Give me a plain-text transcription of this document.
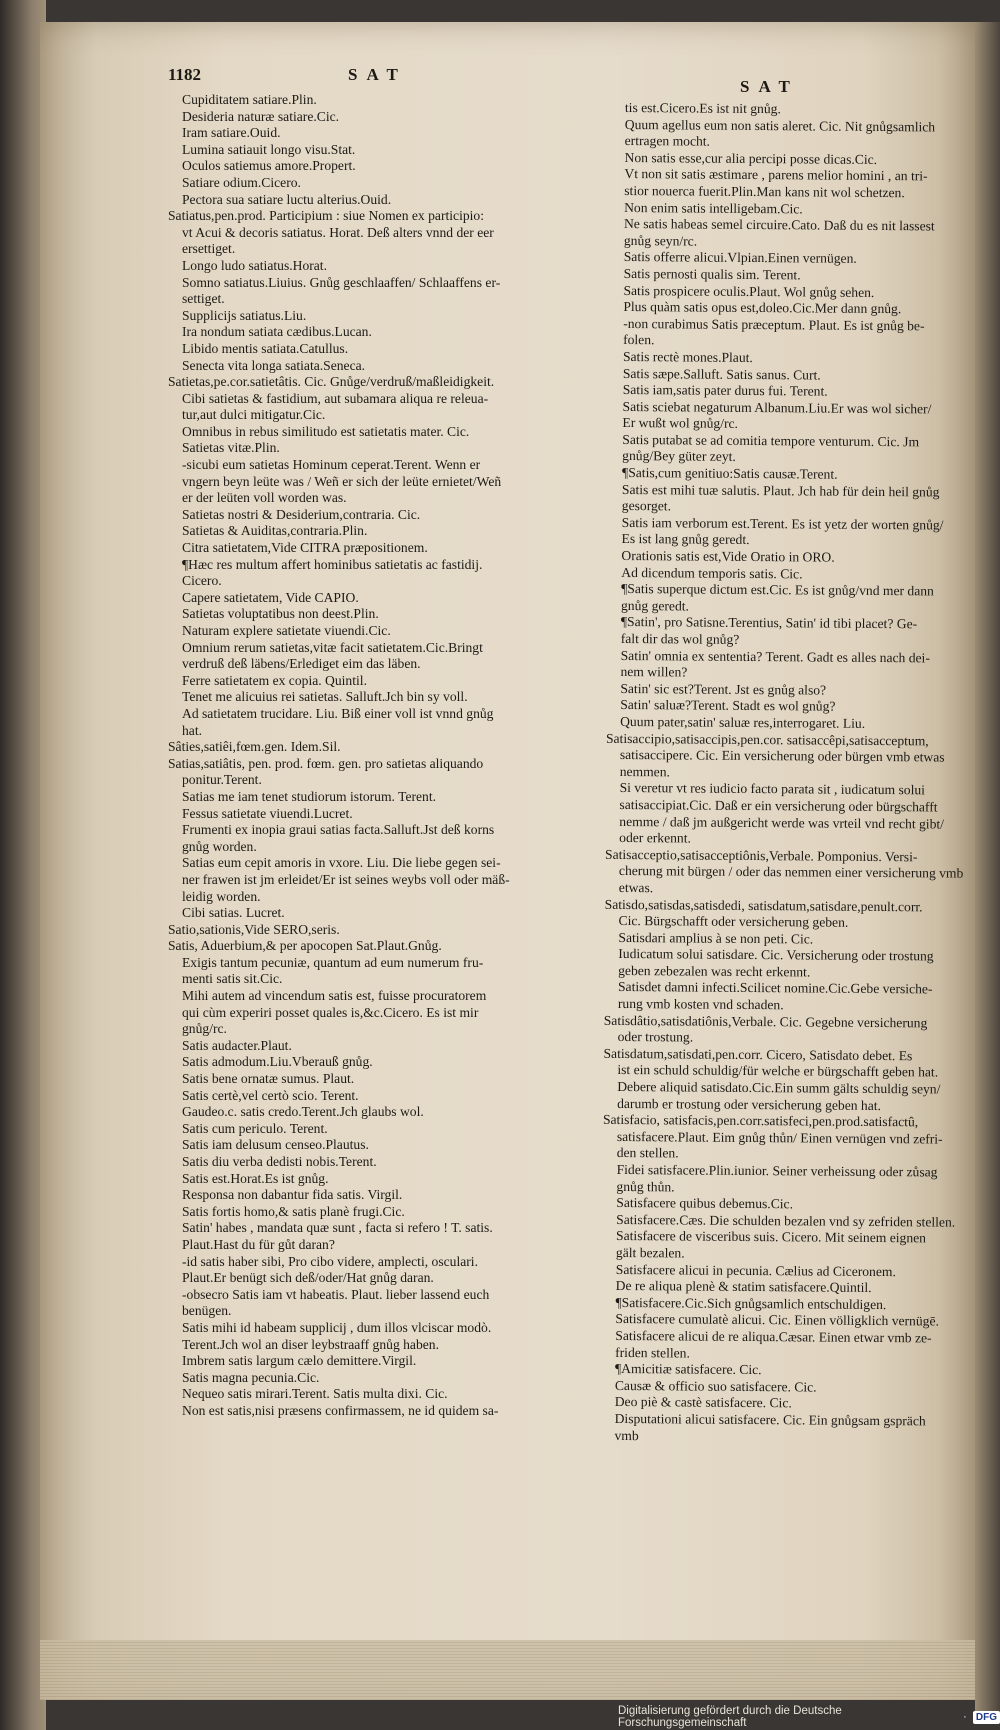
1182	SAT
SAT
Cupiditatem satiare.Plin.
Desideria naturæ satiare.Cic.
Iram satiare.Ouid.
Lumina satiauit longo visu.Stat.
Oculos satiemus amore.Propert.
Satiare odium.Cicero.
Pectora sua satiare luctu alterius.Ouid.
Satiatus,pen.prod. Participium : siue Nomen ex participio:
vt Acui & decoris satiatus. Horat. Deß alters vnnd der eer
ersettiget.
Longo ludo satiatus.Horat.
Somno satiatus.Liuius. Gnůg geschlaaffen/ Schlaaffens er-
settiget.
Supplicijs satiatus.Liu.
Ira nondum satiata cædibus.Lucan.
Libido mentis satiata.Catullus.
Senecta vita longa satiata.Seneca.
Satietas,pe.cor.satietâtis. Cic. Gnůge/verdruß/maßleidigkeit.
Cibi satietas & fastidium, aut subamara aliqua re releua-
tur,aut dulci mitigatur.Cic.
Omnibus in rebus similitudo est satietatis mater. Cic.
Satietas vitæ.Plin.
-sicubi eum satietas Hominum ceperat.Terent. Wenn er
vngern beyn leüte was / Weñ er sich der leüte ernietet/Weñ
er der leüten voll worden was.
Satietas nostri & Desiderium,contraria. Cic.
Satietas & Auiditas,contraria.Plin.
Citra satietatem,Vide CITRA præpositionem.
¶Hæc res multum affert hominibus satietatis ac fastidij.
Cicero.
Capere satietatem, Vide CAPIO.
Satietas voluptatibus non deest.Plin.
Naturam explere satietate viuendi.Cic.
Omnium rerum satietas,vitæ facit satietatem.Cic.Bringt
verdruß deß läbens/Erlediget eim das läben.
Ferre satietatem ex copia. Quintil.
Tenet me alicuius rei satietas. Salluft.Jch bin sy voll.
Ad satietatem trucidare. Liu. Biß einer voll ist vnnd gnůg
hat.
Sâties,satiêi,fœm.gen. Idem.Sil.
Satias,satiâtis, pen. prod. fœm. gen. pro satietas aliquando
ponitur.Terent.
Satias me iam tenet studiorum istorum. Terent.
Fessus satietate viuendi.Lucret.
Frumenti ex inopia graui satias facta.Salluft.Jst deß korns
gnůg worden.
Satias eum cepit amoris in vxore. Liu. Die liebe gegen sei-
ner frawen ist jm erleidet/Er ist seines weybs voll oder mäß-
leidig worden.
Cibi satias. Lucret.
Satio,sationis,Vide SERO,seris.
Satis, Aduerbium,& per apocopen Sat.Plaut.Gnůg.
Exigis tantum pecuniæ, quantum ad eum numerum fru-
menti satis sit.Cic.
Mihi autem ad vincendum satis est, fuisse procuratorem
qui cùm experiri posset quales is,&c.Cicero. Es ist mir
gnůg/rc.
Satis audacter.Plaut.
Satis admodum.Liu.Vberauß gnůg.
Satis bene ornatæ sumus. Plaut.
Satis certè,vel certò scio. Terent.
Gaudeo.c. satis credo.Terent.Jch glaubs wol.
Satis cum periculo. Terent.
Satis iam delusum censeo.Plautus.
Satis diu verba dedisti nobis.Terent.
Satis est.Horat.Es ist gnůg.
Responsa non dabantur fida satis. Virgil.
Satis fortis homo,& satis planè frugi.Cic.
Satin' habes , mandata quæ sunt , facta si refero ! T. satis.
Plaut.Hast du für gůt daran?
-id satis haber sibi, Pro cibo videre, amplecti, osculari.
Plaut.Er benügt sich deß/oder/Hat gnůg daran.
-obsecro Satis iam vt habeatis. Plaut. lieber lassend euch
benügen.
Satis mihi id habeam supplicij , dum illos vlciscar modò.
Terent.Jch wol an diser leybstraaff gnůg haben.
Imbrem satis largum cælo demittere.Virgil.
Satis magna pecunia.Cic.
Nequeo satis mirari.Terent. Satis multa dixi. Cic.
Non est satis,nisi præsens confirmassem, ne id quidem sa-
tis est.Cicero.Es ist nit gnůg.
Quum agellus eum non satis aleret. Cic. Nit gnůgsamlich
ertragen mocht.
Non satis esse,cur alia percipi posse dicas.Cic.
Vt non sit satis æstimare , parens melior homini , an tri-
stior nouerca fuerit.Plin.Man kans nit wol schetzen.
Non enim satis intelligebam.Cic.
Ne satis habeas semel circuire.Cato. Daß du es nit lassest
gnůg seyn/rc.
Satis offerre alicui.Vlpian.Einen vernügen.
Satis pernosti qualis sim. Terent.
Satis prospicere oculis.Plaut. Wol gnůg sehen.
Plus quàm satis opus est,doleo.Cic.Mer dann gnůg.
-non curabimus Satis præceptum. Plaut. Es ist gnůg be-
folen.
Satis rectè mones.Plaut.
Satis sæpe.Salluft. Satis sanus. Curt.
Satis iam,satis pater durus fui. Terent.
Satis sciebat negaturum Albanum.Liu.Er was wol sicher/
Er wußt wol gnůg/rc.
Satis putabat se ad comitia tempore venturum. Cic. Jm
gnůg/Bey güter zeyt.
¶Satis,cum genitiuo:Satis causæ.Terent.
Satis est mihi tuæ salutis. Plaut. Jch hab für dein heil gnůg
gesorget.
Satis iam verborum est.Terent. Es ist yetz der worten gnůg/
Es ist lang gnůg geredt.
Orationis satis est,Vide Oratio in ORO.
Ad dicendum temporis satis. Cic.
¶Satis superque dictum est.Cic. Es ist gnůg/vnd mer dann
gnůg geredt.
¶Satin', pro Satisne.Terentius, Satin' id tibi placet? Ge-
falt dir das wol gnůg?
Satin' omnia ex sententia? Terent. Gadt es alles nach dei-
nem willen?
Satin' sic est?Terent. Jst es gnůg also?
Satin' saluæ?Terent. Stadt es wol gnůg?
Quum pater,satin' saluæ res,interrogaret. Liu.
Satisaccipio,satisaccipis,pen.cor. satisaccêpi,satisacceptum,
satisaccipere. Cic. Ein versicherung oder bürgen vmb etwas
nemmen.
Si veretur vt res iudicio facto parata sit , iudicatum solui
satisaccipiat.Cic. Daß er ein versicherung oder bürgschafft
nemme / daß jm außgericht werde was vrteil vnd recht gibt/
oder erkennt.
Satisacceptio,satisacceptiônis,Verbale. Pomponius. Versi-
cherung mit bürgen / oder das nemmen einer versicherung vmb
etwas.
Satisdo,satisdas,satisdedi, satisdatum,satisdare,penult.corr.
Cic. Bürgschafft oder versicherung geben.
Satisdari amplius à se non peti. Cic.
Iudicatum solui satisdare. Cic. Versicherung oder trostung
geben zebezalen was recht erkennt.
Satisdet damni infecti.Scilicet nomine.Cic.Gebe versiche-
rung vmb kosten vnd schaden.
Satisdâtio,satisdatiônis,Verbale. Cic. Gegebne versicherung
oder trostung.
Satisdatum,satisdati,pen.corr. Cicero, Satisdato debet. Es
ist ein schuld schuldig/für welche er bürgschafft geben hat.
Debere aliquid satisdato.Cic.Ein summ gälts schuldig seyn/
darumb er trostung oder versicherung geben hat.
Satisfacio, satisfacis,pen.corr.satisfeci,pen.prod.satisfactû,
satisfacere.Plaut. Eim gnůg thůn/ Einen vernügen vnd zefri-
den stellen.
Fidei satisfacere.Plin.iunior. Seiner verheissung oder zůsag
gnůg thůn.
Satisfacere quibus debemus.Cic.
Satisfacere.Cæs. Die schulden bezalen vnd sy zefriden stellen.
Satisfacere de visceribus suis. Cicero. Mit seinem eignen
gält bezalen.
Satisfacere alicui in pecunia. Cælius ad Ciceronem.
De re aliqua plenè & statim satisfacere.Quintil.
¶Satisfacere.Cic.Sich gnůgsamlich entschuldigen.
Satisfacere cumulatè alicui. Cic. Einen völligklich vernügē.
Satisfacere alicui de re aliqua.Cæsar. Einen etwar vmb ze-
friden stellen.
¶Amicitiæ satisfacere. Cic.
Causæ & officio suo satisfacere. Cic.
Deo piè & castè satisfacere. Cic.
Disputationi alicui satisfacere. Cic. Ein gnůgsam gspräch
vmb
Digitalisierung gefördert durch die Deutsche Forschungsgemeinschaft	· DFG
